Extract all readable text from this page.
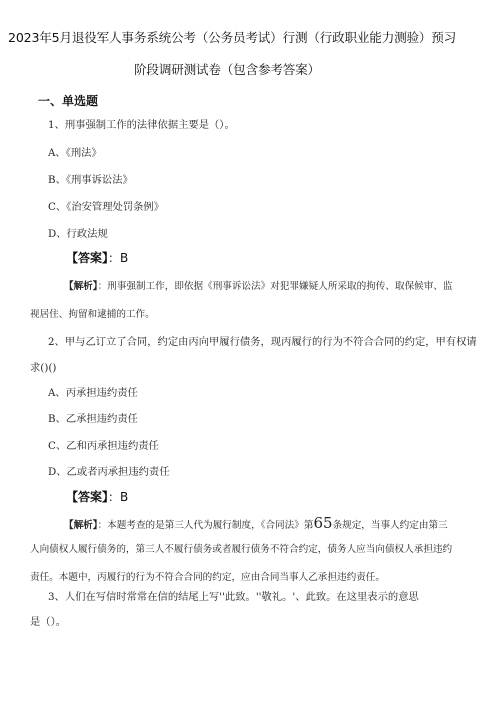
2023年5月退役军人事务系统公考（公务员考试）行测（行政职业能力测验）预习
阶段调研测试卷（包含参考答案）
一、单选题
1、刑事强制工作的法律依据主要是（）。
A、《刑法》
B、《刑事诉讼法》
C、《治安管理处罚条例》
D、行政法规
【答案】：B
【解析】：刑事强制工作，即依据《刑事诉讼法》对犯罪嫌疑人所采取的拘传、取保候审、监
视居住、拘留和逮捕的工作。
2、甲与乙订立了合同，约定由丙向甲履行债务，现丙履行的行为不符合合同的约定，甲有权请
求()()
A、丙承担违约责任
B、乙承担违约责任
C、乙和丙承担违约责任
D、乙或者丙承担违约责任
【答案】：B
【解析】：本题考查的是第三人代为履行制度，《合同法》第65条规定，当事人约定由第三
人向债权人履行债务的，第三人不履行债务或者履行债务不符合约定，债务人应当向债权人承担违约
责任。本题中，丙履行的行为不符合合同的约定，应由合同当事人乙承担违约责任。
3、人们在写信时常常在信的结尾上写''此致。''敬礼。'、此致。在这里表示的意思
是（）。
